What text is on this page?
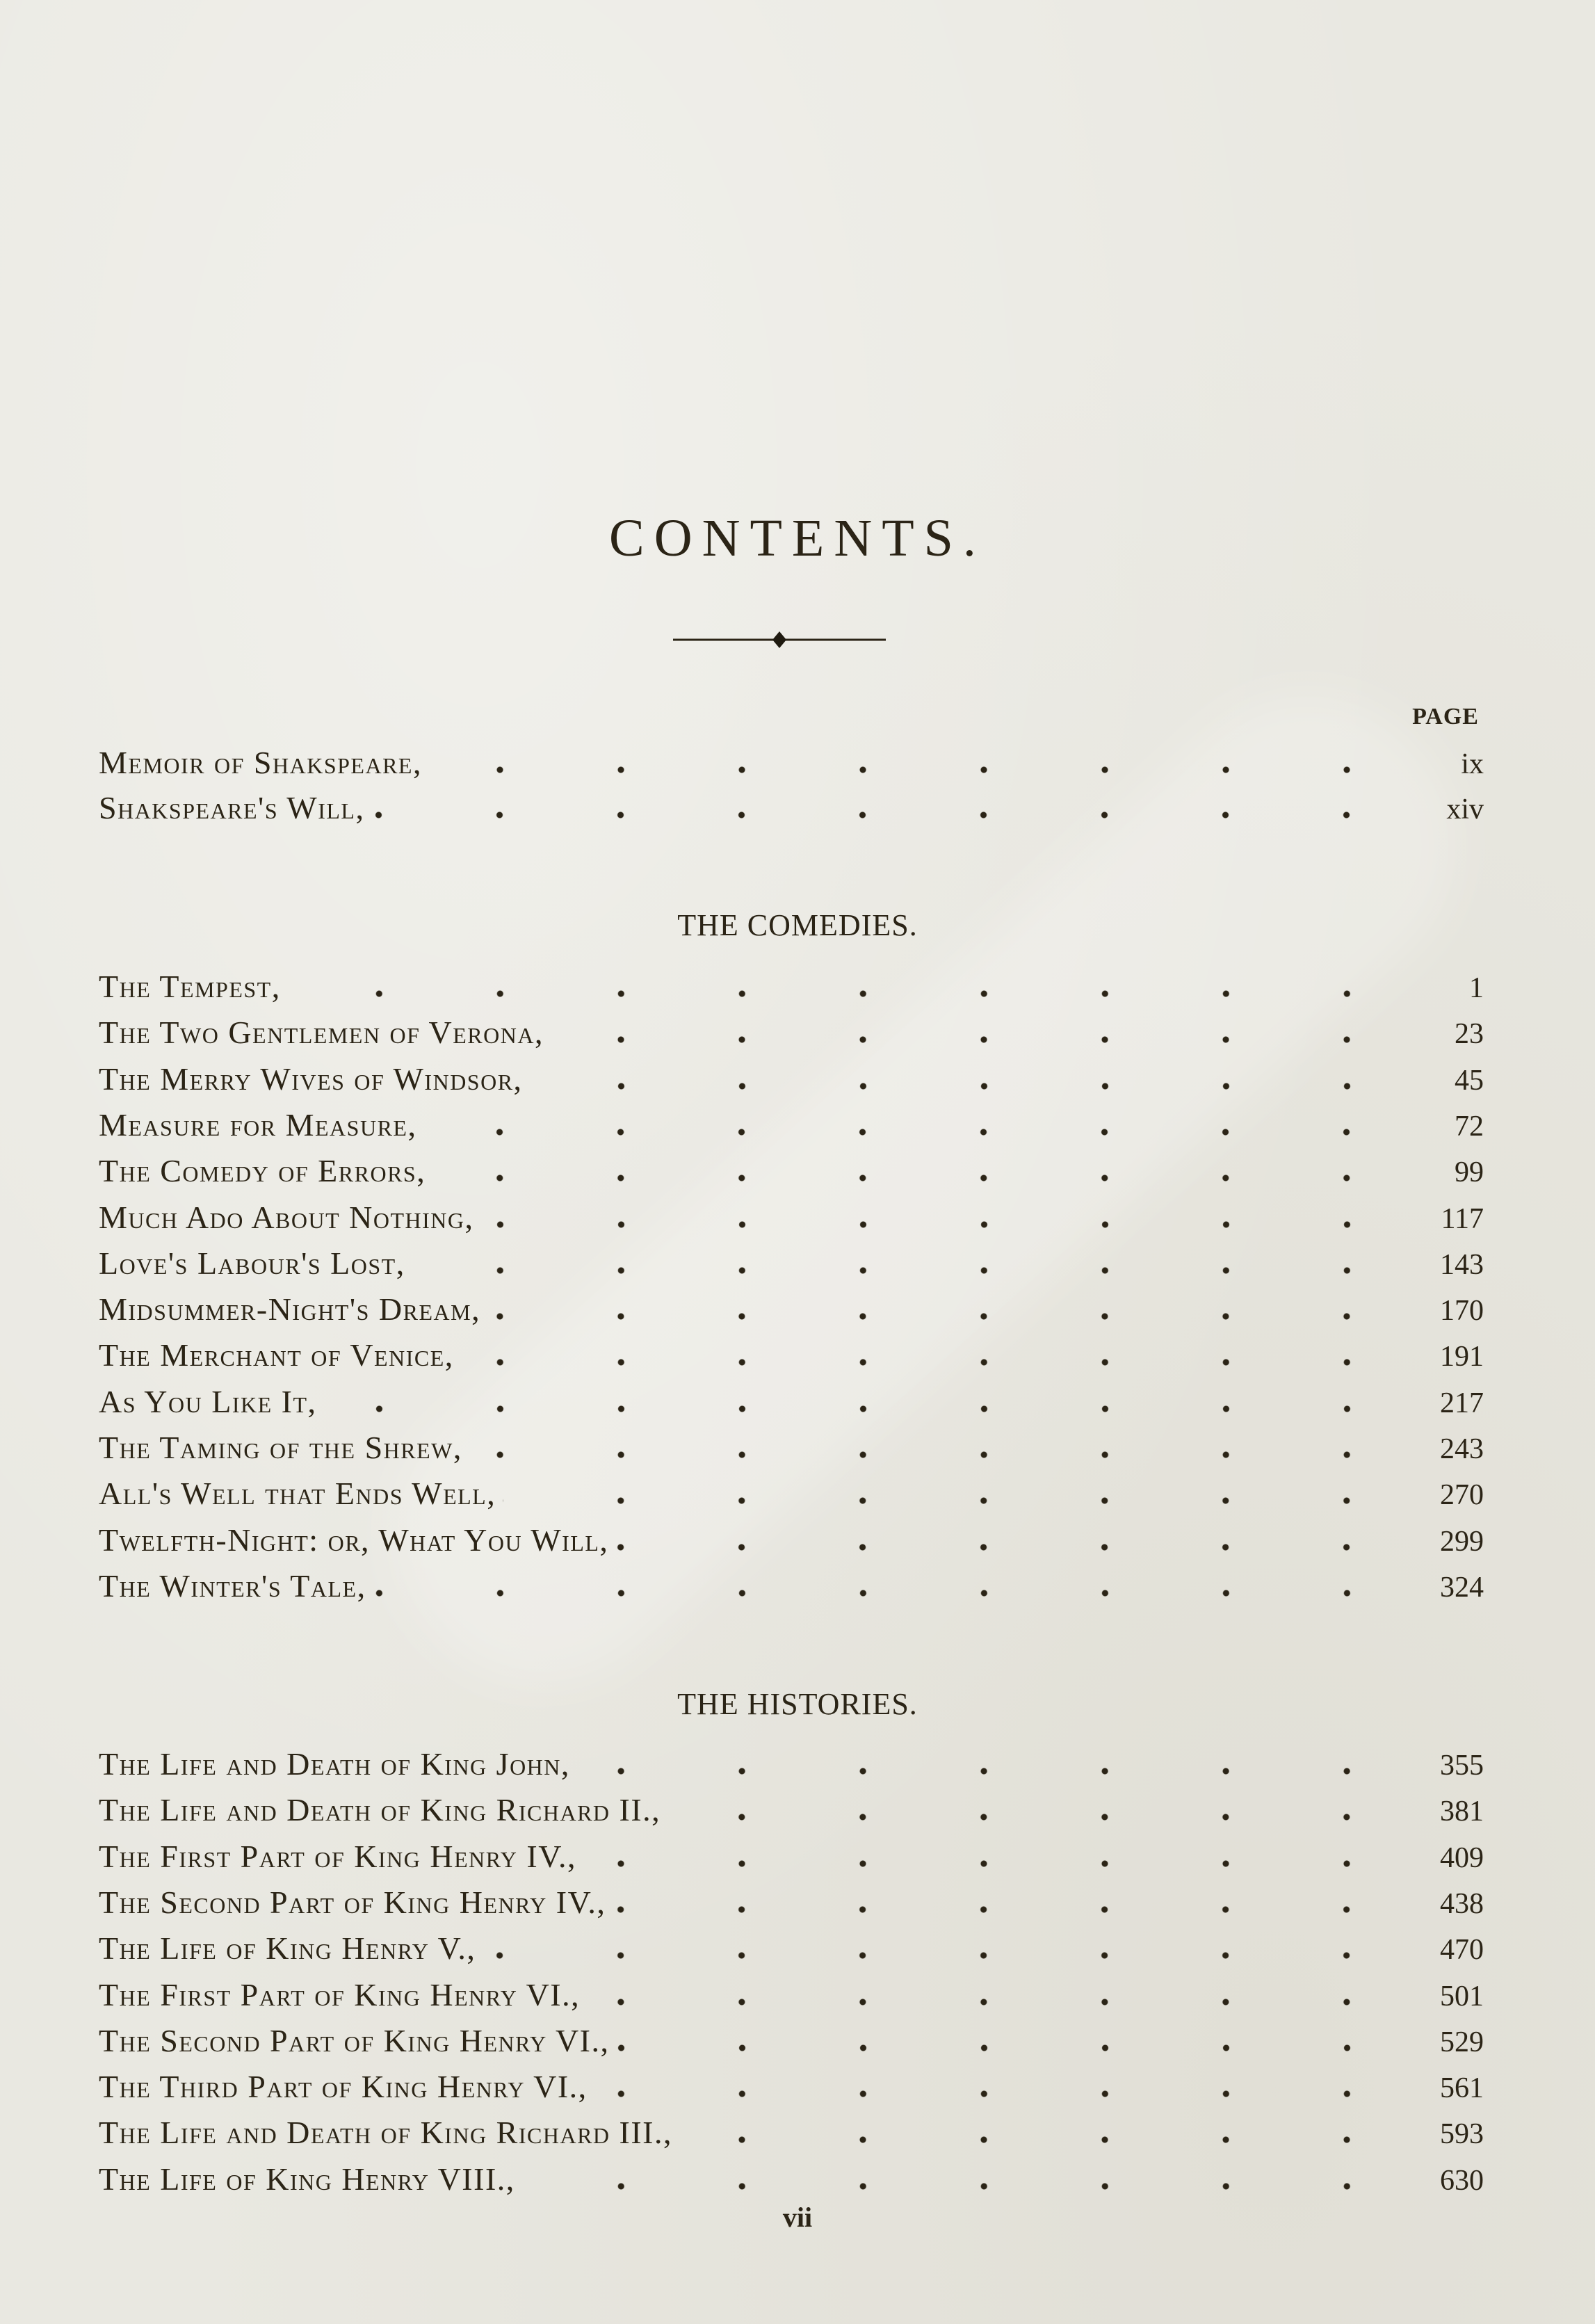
CONTENTS.
PAGE
Memoir of Shakspeare,	ix
Shakspeare's Will,	xiv
THE COMEDIES.
The Tempest,	1
The Two Gentlemen of Verona,	23
The Merry Wives of Windsor,	45
Measure for Measure,	72
The Comedy of Errors,	99
Much Ado About Nothing,	117
Love's Labour's Lost,	143
Midsummer-Night's Dream,	170
The Merchant of Venice,	191
As You Like It,	217
The Taming of the Shrew,	243
All's Well that Ends Well,	270
Twelfth-Night: or, What You Will,	299
The Winter's Tale,	324
THE HISTORIES.
The Life and Death of King John,	355
The Life and Death of King Richard II.,	381
The First Part of King Henry IV.,	409
The Second Part of King Henry IV.,	438
The Life of King Henry V.,	470
The First Part of King Henry VI.,	501
The Second Part of King Henry VI.,	529
The Third Part of King Henry VI.,	561
The Life and Death of King Richard III.,	593
The Life of King Henry VIII.,	630
vii
